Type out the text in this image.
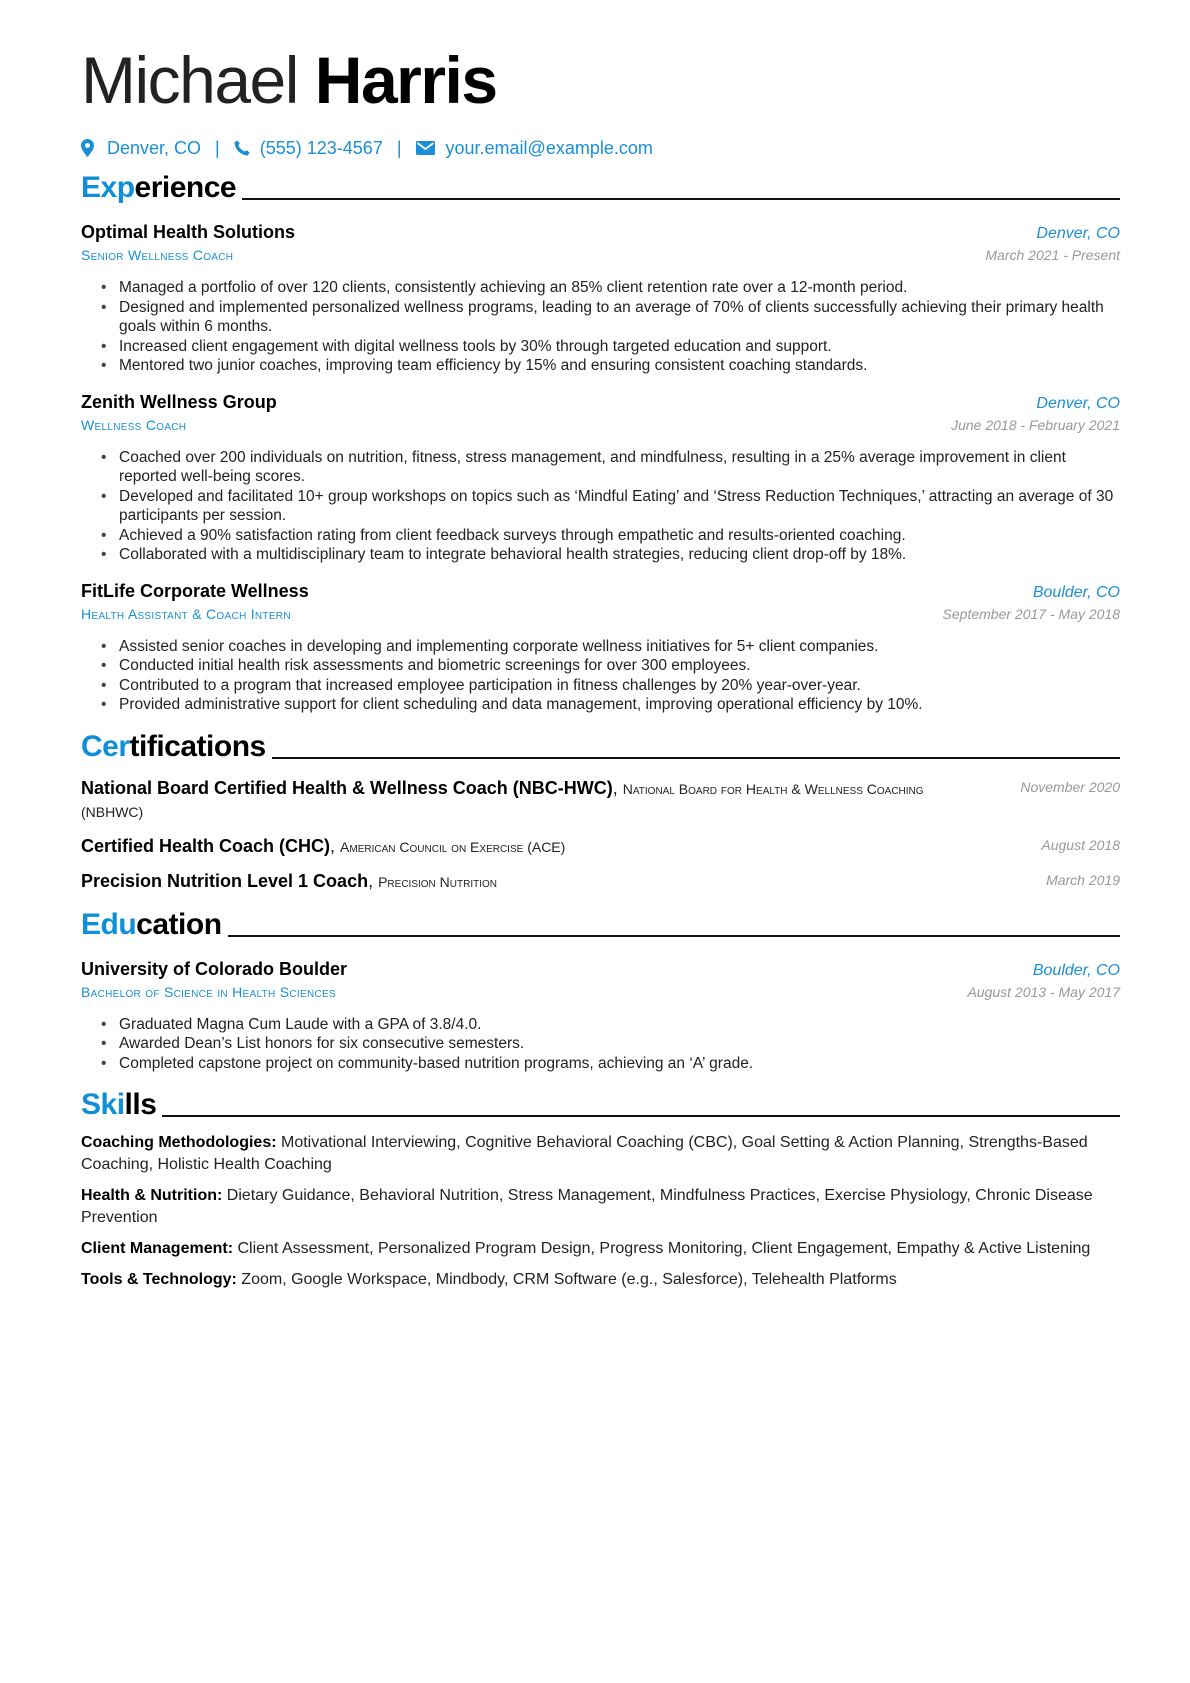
Michael Harris
Denver, CO | (555) 123-4567 | your.email@example.com
Exp erience
Optimal Health Solutions	Denver, CO
Senior Wellness Coach	March 2021 - Present
• Managed a portfolio of over 120 clients, consistently achieving an 85% client retention rate over a 12-month period.
• Designed and implemented personalized wellness programs, leading to an average of 70% of clients successfully achieving their primary health goals within 6 months.
• Increased client engagement with digital wellness tools by 30% through targeted education and support.
• Mentored two junior coaches, improving team efficiency by 15% and ensuring consistent coaching standards.
Zenith Wellness Group	Denver, CO
Wellness Coach	June 2018 - February 2021
• Coached over 200 individuals on nutrition, fitness, stress management, and mindfulness, resulting in a 25% average improvement in client reported well-being scores.
• Developed and facilitated 10+ group workshops on topics such as ‘Mindful Eating’ and ‘Stress Reduction Techniques,’ attracting an average of 30 participants per session.
• Achieved a 90% satisfaction rating from client feedback surveys through empathetic and results-oriented coaching.
• Collaborated with a multidisciplinary team to integrate behavioral health strategies, reducing client drop-off by 18%.
FitLife Corporate Wellness	Boulder, CO
Health Assistant & Coach Intern	September 2017 - May 2018
• Assisted senior coaches in developing and implementing corporate wellness initiatives for 5+ client companies.
• Conducted initial health risk assessments and biometric screenings for over 300 employees.
• Contributed to a program that increased employee participation in fitness challenges by 20% year-over-year.
• Provided administrative support for client scheduling and data management, improving operational efficiency by 10%.
Cer tifications
National Board Certified Health & Wellness Coach (NBC-HWC), National Board for Health & Wellness Coaching (NBHWC)
November 2020
Certified Health Coach (CHC), American Council on Exercise (ACE)	August 2018
Precision Nutrition Level 1 Coach, Precision Nutrition	March 2019
Edu cation
University of Colorado Boulder	Boulder, CO
Bachelor of Science in Health Sciences	August 2013 - May 2017
• Graduated Magna Cum Laude with a GPA of 3.8/4.0.
• Awarded Dean’s List honors for six consecutive semesters.
• Completed capstone project on community-based nutrition programs, achieving an ‘A’ grade.
Ski lls
Coaching Methodologies: Motivational Interviewing, Cognitive Behavioral Coaching (CBC), Goal Setting & Action Planning, Strengths-Based Coaching, Holistic Health Coaching
Health & Nutrition: Dietary Guidance, Behavioral Nutrition, Stress Management, Mindfulness Practices, Exercise Physiology, Chronic Disease Prevention
Client Management: Client Assessment, Personalized Program Design, Progress Monitoring, Client Engagement, Empathy & Active Listening
Tools & Technology: Zoom, Google Workspace, Mindbody, CRM Software (e.g., Salesforce), Telehealth Platforms
